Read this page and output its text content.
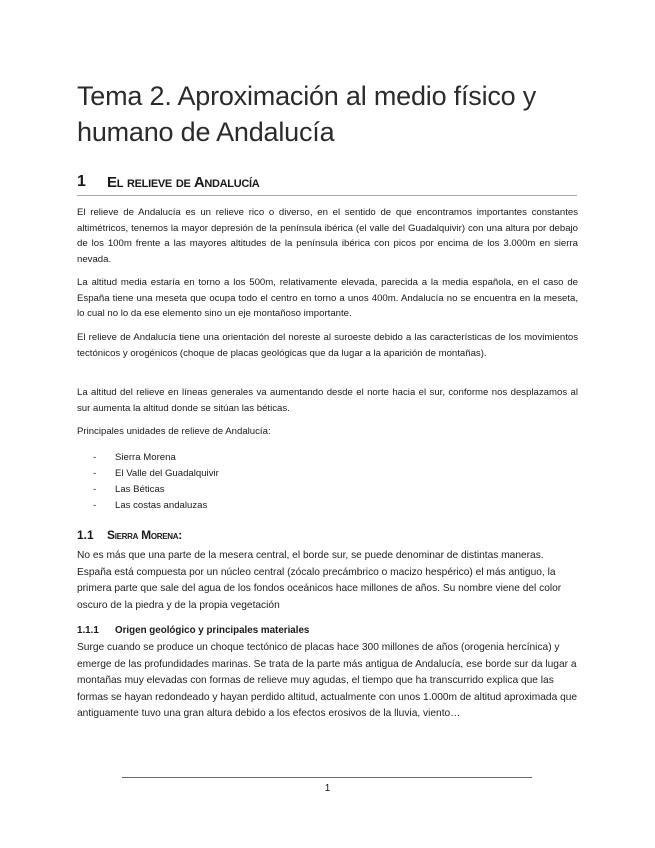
Tema 2. Aproximación al medio físico y humano de Andalucía
1 El relieve de Andalucía

El relieve de Andalucía es un relieve rico o diverso, en el sentido de que encontramos importantes constantes altimétricos, tenemos la mayor depresión de la península ibérica (el valle del Guadalquivir) con una altura por debajo de los 100m frente a las mayores altitudes de la península ibérica con picos por encima de los 3.000m en sierra nevada.

La altitud media estaría en torno a los 500m, relativamente elevada, parecida a la media española, en el caso de España tiene una meseta que ocupa todo el centro en torno a unos 400m. Andalucía no se encuentra en la meseta, lo cual no lo da ese elemento sino un eje montañoso importante.

El relieve de Andalucía tiene una orientación del noreste al suroeste debido a las características de los movimientos tectónicos y orogénicos (choque de placas geológicas que da lugar a la aparición de montañas).

La altitud del relieve en líneas generales va aumentando desde el norte hacia el sur, conforme nos desplazamos al sur aumenta la altitud donde se sitúan las béticas.

Principales unidades de relieve de Andalucía:

- Sierra Morena
- El Valle del Guadalquivir
- Las Béticas
- Las costas andaluzas
1.1 Sierra Morena:

No es más que una parte de la mesera central, el borde sur, se puede denominar de distintas maneras. España está compuesta por un núcleo central (zócalo precámbrico o macizo hespérico) el más antiguo, la primera parte que sale del agua de los fondos oceánicos hace millones de años. Su nombre viene del color oscuro de la piedra y de la propia vegetación

1.1.1 Origen geológico y principales materiales

Surge cuando se produce un choque tectónico de placas hace 300 millones de años (orogenia hercínica) y emerge de las profundidades marinas. Se trata de la parte más antigua de Andalucía, ese borde sur da lugar a montañas muy elevadas con formas de relieve muy agudas, el tiempo que ha transcurrido explica que las formas se hayan redondeado y hayan perdido altitud, actualmente con unos 1.000m de altitud aproximada que antiguamente tuvo una gran altura debido a los efectos erosivos de la lluvia, viento…

1
